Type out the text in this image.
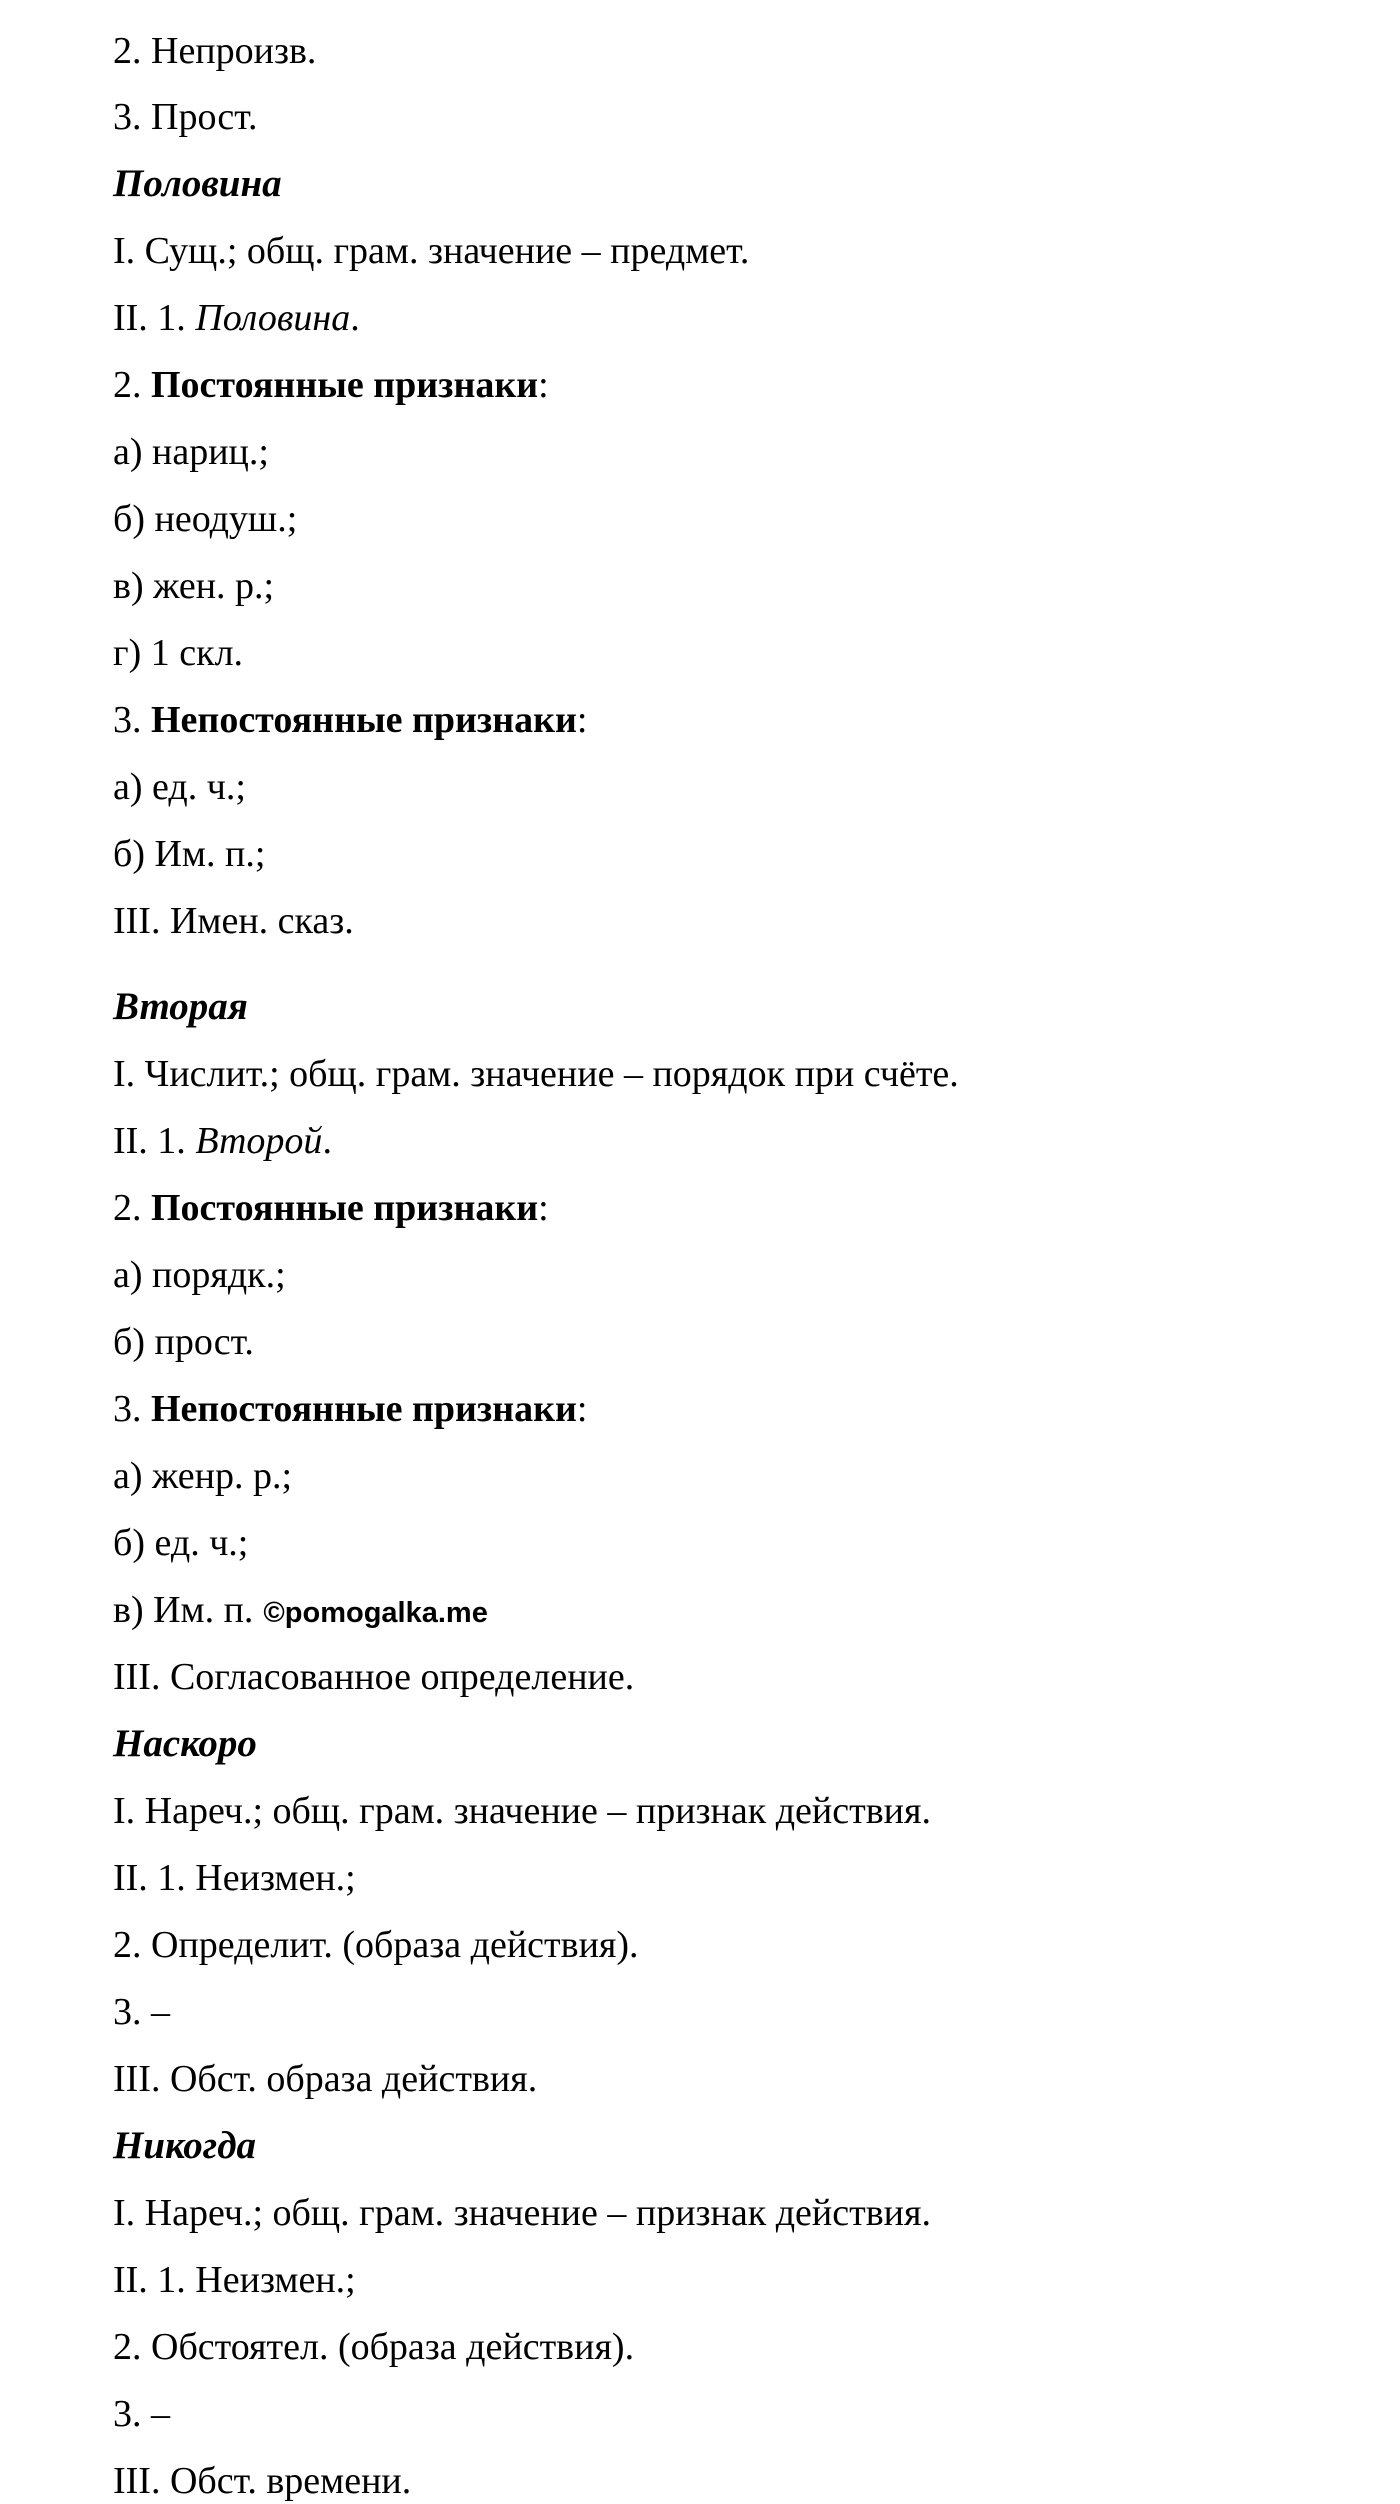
2. Непроизв.
3. Прост.
Половина
I. Сущ.; общ. грам. значение – предмет.
II. 1. Половина.
2. Постоянные признаки:
а) нариц.;
б) неодуш.;
в) жен. р.;
г) 1 скл.
3. Непостоянные признаки:
а) ед. ч.;
б) Им. п.;
III. Имен. сказ.
Вторая
I. Числит.; общ. грам. значение – порядок при счёте.
II. 1. Второй.
2. Постоянные признаки:
а) порядк.;
б) прост.
3. Непостоянные признаки:
а) женр. р.;
б) ед. ч.;
в) Им. п. ©pomogalka.me
III. Согласованное определение.
Наскоро
I. Нареч.; общ. грам. значение – признак действия.
II. 1. Неизмен.;
2. Определит. (образа действия).
3. –
III. Обст. образа действия.
Никогда
I. Нареч.; общ. грам. значение – признак действия.
II. 1. Неизмен.;
2. Обстоятел. (образа действия).
3. –
III. Обст. времени.
